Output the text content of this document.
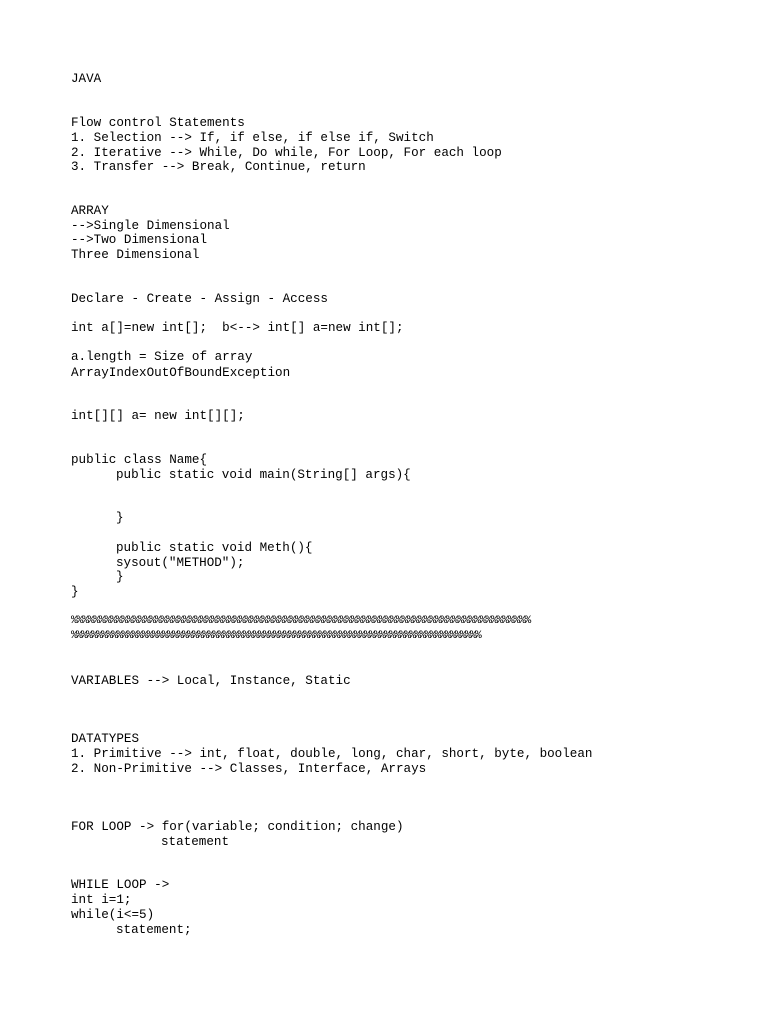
JAVA
Flow control Statements
1. Selection --> If, if else, if else if, Switch
2. Iterative --> While, Do while, For Loop, For each loop
3. Transfer --> Break, Continue, return
ARRAY
-->Single Dimensional
-->Two Dimensional
Three Dimensional
Declare - Create - Assign - Access
int a[]=new int[];  b<--> int[] a=new int[];
a.length = Size of array
ArrayIndexOutOfBoundException
int[][] a= new int[][];
public class Name{
public static void main(String[] args){
}
public static void Meth(){
sysout("METHOD");
}
}
%%%%%%%%%%%%%%%%%%%%%%%%%%%%%%%%%%%%%%%%%%%%%%%%%%%%%%%%%%%%%%%%%%%%%%%%%%%%%%%%%%
%%%%%%%%%%%%%%%%%%%%%%%%%%%%%%%%%%%%%%%%%%%%%%%%%%%%%%%%%%%%%%%%%%%%%%%%%%%%%%%%%
VARIABLES --> Local, Instance, Static
DATATYPES
1. Primitive --> int, float, double, long, char, short, byte, boolean
2. Non-Primitive --> Classes, Interface, Arrays
FOR LOOP -> for(variable; condition; change)
statement
WHILE LOOP ->
int i=1;
while(i<=5)
statement;
